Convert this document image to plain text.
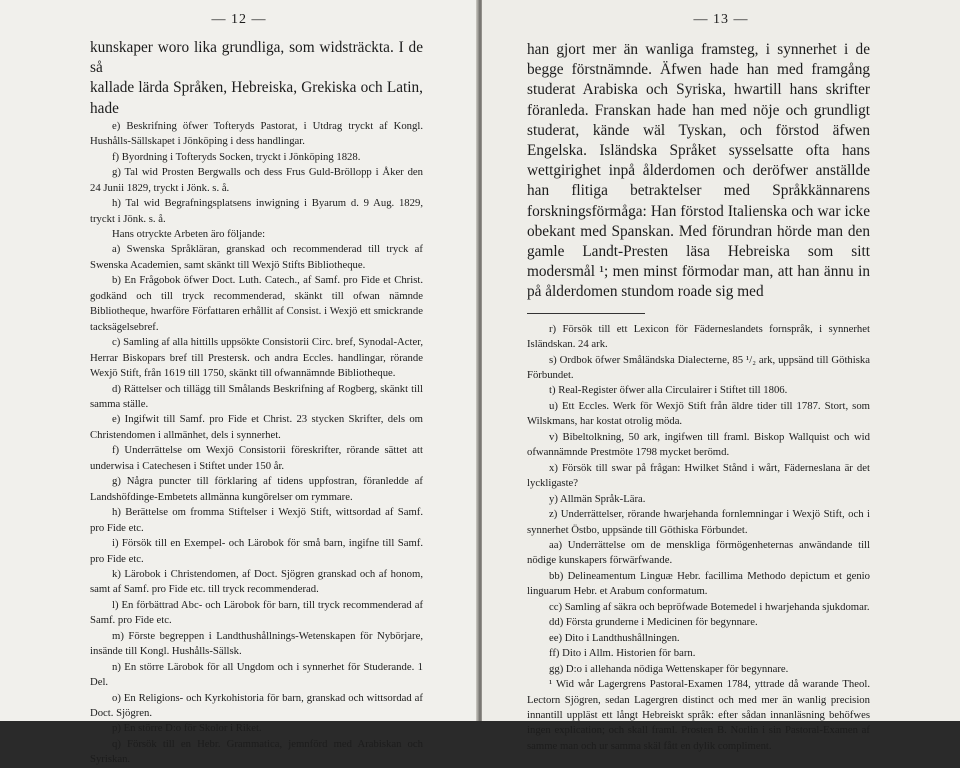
— 12 —

kunskaper woro lika grundliga, som widsträckta. I de så

kallade lärda Språken, Hebreiska, Grekiska och Latin, hade

e) Beskrifning öfwer Tofteryds Pastorat, i Utdrag tryckt af Kongl. Hushålls-Sällskapet i Jönköping i dess handlingar.

f) Byordning i Tofteryds Socken, tryckt i Jönköping 1828.

g) Tal wid Prosten Bergwalls och dess Frus Guld-Bröllopp i Åker den 24 Junii 1829, tryckt i Jönk. s. å.

h) Tal wid Begrafningsplatsens inwigning i Byarum d. 9 Aug. 1829, tryckt i Jönk. s. å.

Hans otryckte Arbeten äro följande:

a) Swenska Språkläran, granskad och recommenderad till tryck af Swenska Academien, samt skänkt till Wexjö Stifts Bibliotheque.

b) En Frågobok öfwer Doct. Luth. Catech., af Samf. pro Fide et Christ. godkänd och till tryck recommenderad, skänkt till ofwan nämnde Bibliotheque, hwarföre Författaren erhållit af Consist. i Wexjö ett smickrande tacksägelsebref.

c) Samling af alla hittills uppsökte Consistorii Circ. bref, Synodal-Acter, Herrar Biskopars bref till Prestersk. och andra Eccles. handlingar, rörande Wexjö Stift, från 1619 till 1750, skänkt till ofwannämnde Bibliotheque.

d) Rättelser och tillägg till Smålands Beskrifning af Rogberg, skänkt till samma ställe.

e) Ingifwit till Samf. pro Fide et Christ. 23 stycken Skrifter, dels om Christendomen i allmänhet, dels i synnerhet.

f) Underrättelse om Wexjö Consistorii föreskrifter, rörande sättet att underwisa i Catechesen i Stiftet under 150 år.

g) Några puncter till förklaring af tidens uppfostran, föranledde af Landshöfdinge-Embetets allmänna kungörelser om rymmare.

h) Berättelse om fromma Stiftelser i Wexjö Stift, wittsordad af Samf. pro Fide etc.

i) Försök till en Exempel- och Lärobok för små barn, ingifne till Samf. pro Fide etc.

k) Lärobok i Christendomen, af Doct. Sjögren granskad och af honom, samt af Samf. pro Fide etc. till tryck recommenderad.

l) En förbättrad Abc- och Lärobok för barn, till tryck recommenderad af Samf. pro Fide etc.

m) Förste begreppen i Landthushållnings-Wetenskapen för Nybörjare, insände till Kongl. Hushålls-Sällsk.

n) En större Lärobok för all Ungdom och i synnerhet för Studerande. 1 Del.

o) En Religions- och Kyrkohistoria för barn, granskad och wittsordad af Doct. Sjögren.

p) En större D:o för Skolor i Riket.

q) Försök till en Hebr. Grammatica, jemnförd med Arabiskan och Syriskan.

— 13 —

han gjort mer än wanliga framsteg, i synnerhet i de begge förstnämnde. Äfwen hade han med framgång studerat Arabiska och Syriska, hwartill hans skrifter föranleda. Franskan hade han med nöje och grundligt studerat, kände wäl Tyskan, och förstod äfwen Engelska. Isländska Språket sysselsatte ofta hans wettgirighet inpå ålderdomen och deröfwer anställde han flitiga betraktelser med Språkkännarens forskningsförmåga: Han förstod Italienska och war icke obekant med Spanskan. Med förundran hörde man den gamle Landt-Presten läsa Hebreiska som sitt modersmål ¹; men minst förmodar man, att han ännu in på ålderdomen stundom roade sig med

r) Försök till ett Lexicon för Fäderneslandets fornspråk, i synnerhet Isländskan. 24 ark.

s) Ordbok öfwer Småländska Dialecterne, 85 ¹/₂ ark, uppsänd till Göthiska Förbundet.

t) Real-Register öfwer alla Circulairer i Stiftet till 1806.

u) Ett Eccles. Werk för Wexjö Stift från äldre tider till 1787. Stort, som Wilskmans, har kostat otrolig möda.

v) Bibeltolkning, 50 ark, ingifwen till framl. Biskop Wallquist och wid ofwannämnde Prestmöte 1798 mycket berömd.

x) Försök till swar på frågan: Hwilket Stånd i wårt, Fäderneslana är det lyckligaste?

y) Allmän Språk-Lära.

z) Underrättelser, rörande hwarjehanda fornlemningar i Wexjö Stift, och i synnerhet Östbo, uppsände till Göthiska Förbundet.

aa) Underrättelse om de menskliga förmögenheternas anwändande till nödige kunskapers förwärfwande.

bb) Delineamentum Linguæ Hebr. facillima Methodo depictum et genio linguarum Hebr. et Arabum conformatum.

cc) Samling af säkra och bepröfwade Botemedel i hwarjehanda sjukdomar.

dd) Första grunderne i Medicinen för begynnare.

ee) Dito i Landthushållningen.

ff) Dito i Allm. Historien för barn.

gg) D:o i allehanda nödiga Wettenskaper för begynnare.

¹ Wid wår Lagergrens Pastoral-Examen 1784, yttrade då warande Theol. Lectorn Sjögren, sedan Lagergren distinct och med mer än wanlig precision innantill uppläst ett långt Hebreiskt språk: efter sådan innanläsning behöfwes ingen explication; och skall framl. Prosten B. Norlin i sin Pastoral-Examen af samme man och ur samma skäl fått en dylik compliment.
